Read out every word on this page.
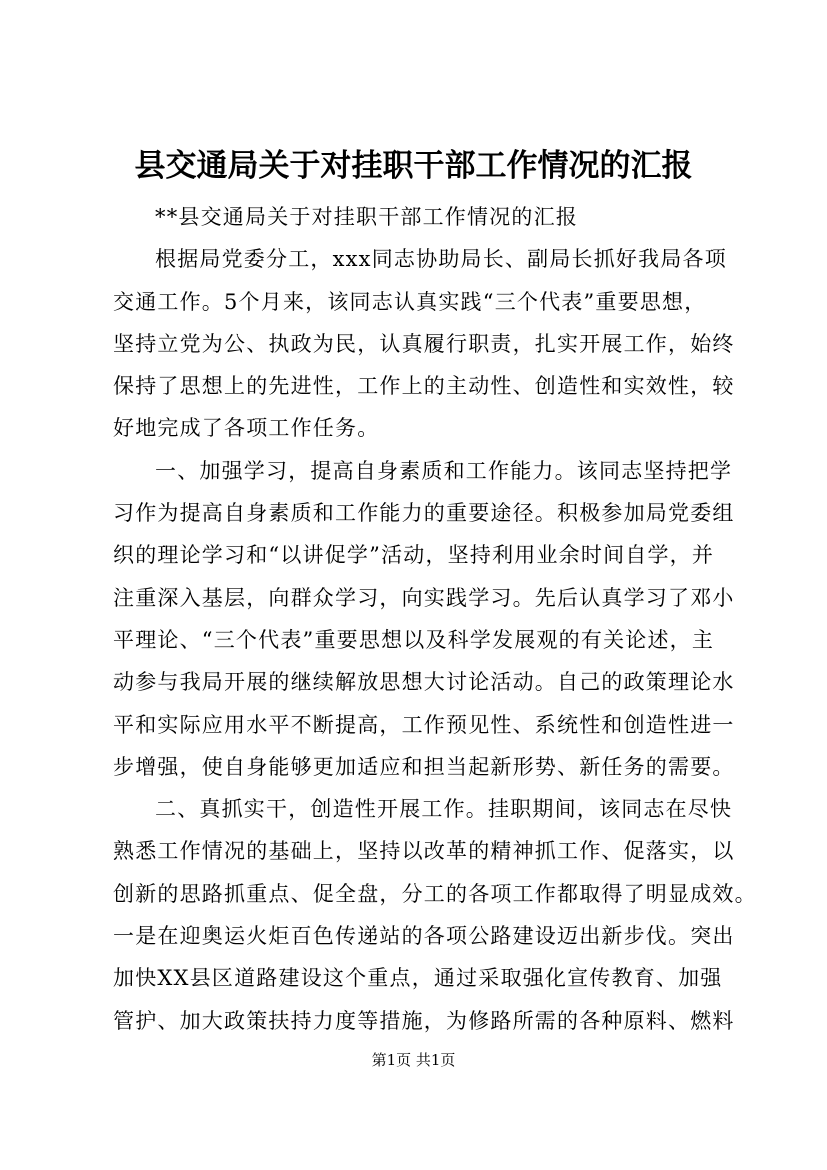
县交通局关于对挂职干部工作情况的汇报

**县交通局关于对挂职干部工作情况的汇报

根据局党委分工，xxx同志协助局长、副局长抓好我局各项
交通工作。5个月来，该同志认真实践“三个代表”重要思想，
坚持立党为公、执政为民，认真履行职责，扎实开展工作，始终
保持了思想上的先进性，工作上的主动性、创造性和实效性，较
好地完成了各项工作任务。

一、加强学习，提高自身素质和工作能力。该同志坚持把学
习作为提高自身素质和工作能力的重要途径。积极参加局党委组
织的理论学习和“以讲促学”活动，坚持利用业余时间自学，并
注重深入基层，向群众学习，向实践学习。先后认真学习了邓小
平理论、“三个代表”重要思想以及科学发展观的有关论述，主
动参与我局开展的继续解放思想大讨论活动。自己的政策理论水
平和实际应用水平不断提高，工作预见性、系统性和创造性进一
步增强，使自身能够更加适应和担当起新形势、新任务的需要。

二、真抓实干，创造性开展工作。挂职期间，该同志在尽快
熟悉工作情况的基础上，坚持以改革的精神抓工作、促落实，以
创新的思路抓重点、促全盘，分工的各项工作都取得了明显成效。
一是在迎奥运火炬百色传递站的各项公路建设迈出新步伐。突出
加快XX县区道路建设这个重点，通过采取强化宣传教育、加强
管护、加大政策扶持力度等措施，为修路所需的各种原料、燃料

第1页 共1页
